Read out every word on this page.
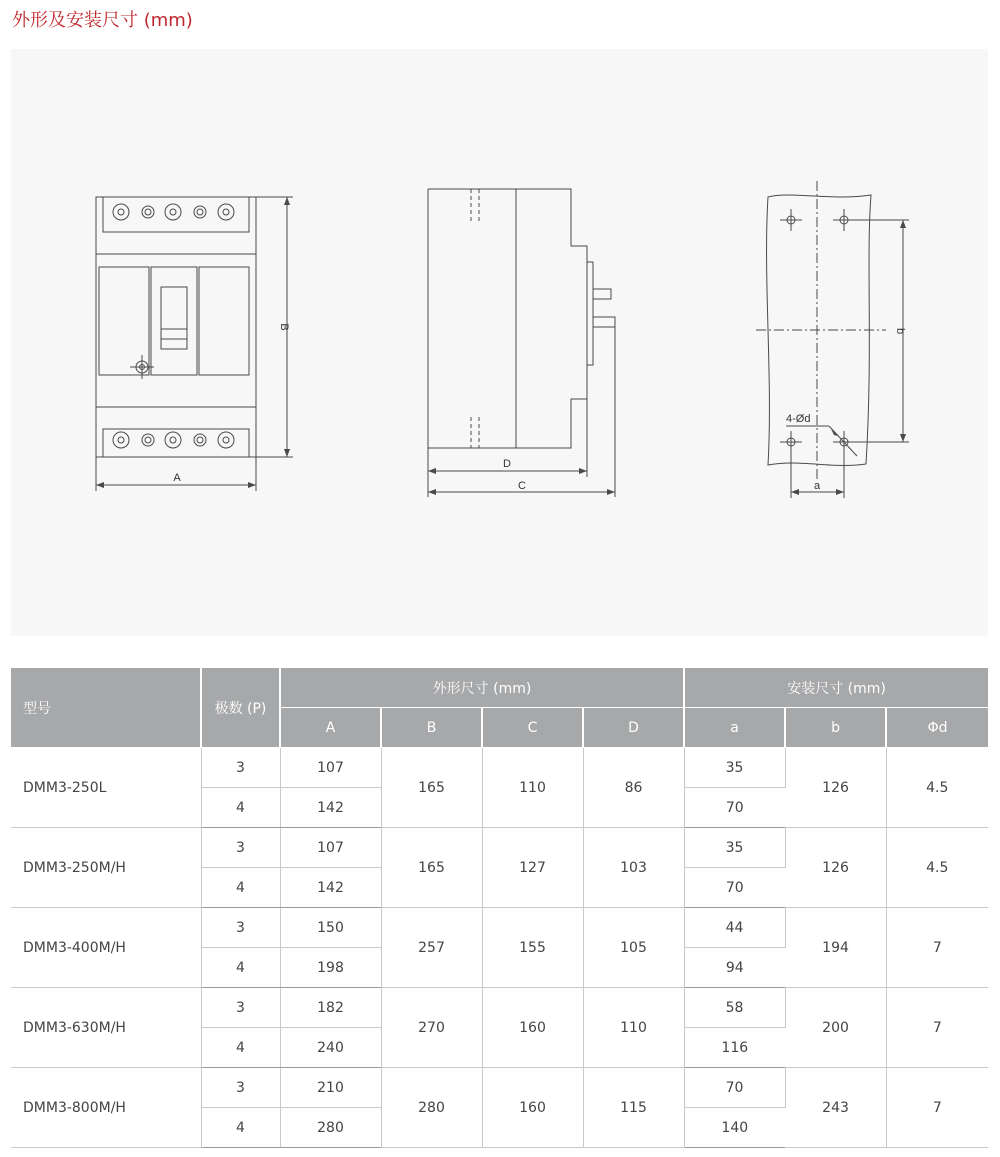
外形及安装尺寸 (mm)
A
B
D
C
b
a
4-Ød
型号	极数 (P)	外形尺寸 (mm)				安装尺寸 (mm)		
		A	B	C	D	a	b	Φd
DMM3-250L	3	107	165	110	86	35	126	4.5
	4	142				70		
DMM3-250M/H	3	107	165	127	103	35	126	4.5
	4	142				70		
DMM3-400M/H	3	150	257	155	105	44	194	7
	4	198				94		
DMM3-630M/H	3	182	270	160	110	58	200	7
	4	240				116		
DMM3-800M/H	3	210	280	160	115	70	243	7
	4	280				140		
